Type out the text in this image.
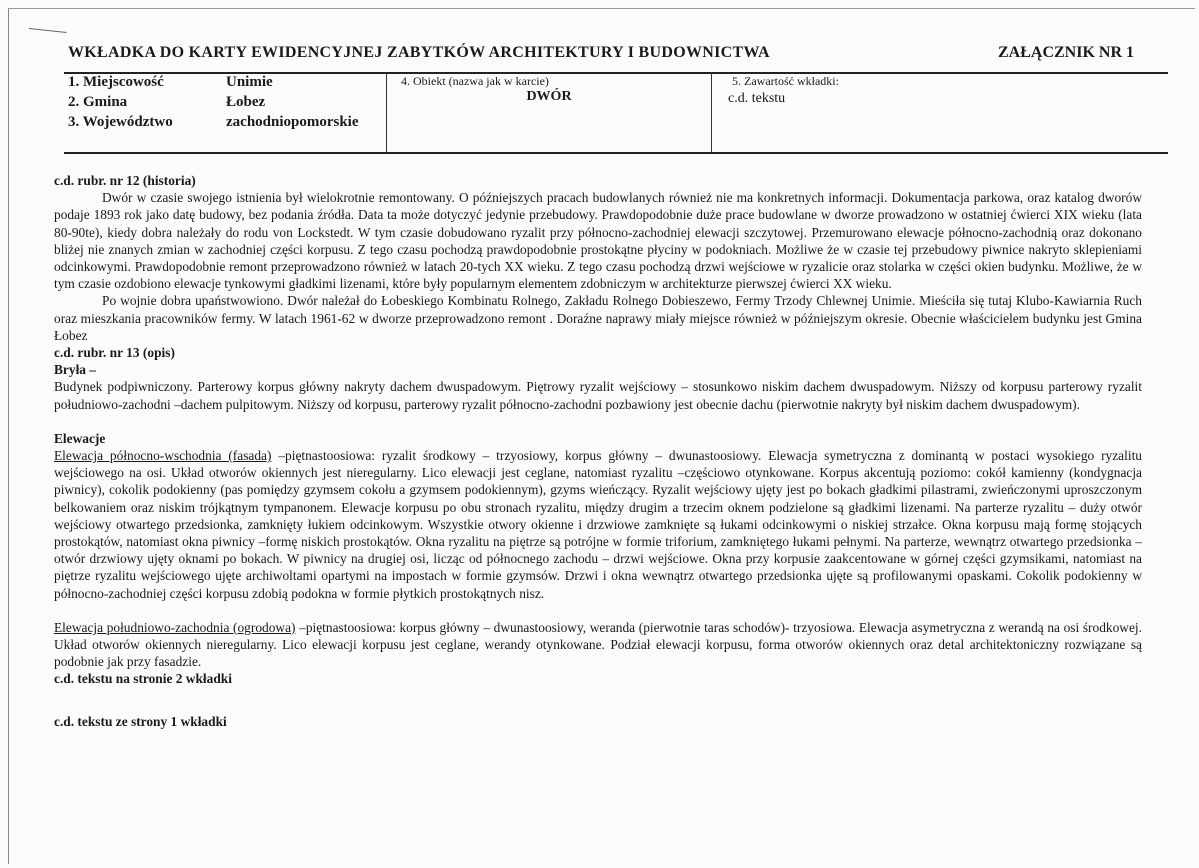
WKŁADKA DO KARTY EWIDENCYJNEJ ZABYTKÓW ARCHITEKTURY I BUDOWNICTWA	ZAŁĄCZNIK NR 1
1. Miejscowość	Unimie
2. Gmina	Łobez
3. Województwo	zachodniopomorskie
4. Obiekt (nazwa jak w karcie)
DWÓR
5. Zawartość wkładki:
c.d. tekstu

c.d. rubr. nr 12 (historia)

Dwór w czasie swojego istnienia był wielokrotnie remontowany. O późniejszych pracach budowlanych również nie ma konkretnych informacji. Dokumentacja parkowa, oraz katalog dworów podaje 1893 rok jako datę budowy, bez podania źródła. Data ta może dotyczyć jedynie przebudowy. Prawdopodobnie duże prace budowlane w dworze prowadzono w ostatniej ćwierci XIX wieku (lata 80-90te), kiedy dobra należały do rodu von Lockstedt. W tym czasie dobudowano ryzalit przy północno-zachodniej elewacji szczytowej. Przemurowano elewacje północno-zachodnią oraz dokonano bliżej nie znanych zmian w zachodniej części korpusu. Z tego czasu pochodzą prawdopodobnie prostokątne płyciny w podokniach. Możliwe że w czasie tej przebudowy piwnice nakryto sklepieniami odcinkowymi. Prawdopodobnie remont przeprowadzono również w latach 20-tych XX wieku. Z tego czasu pochodzą drzwi wejściowe w ryzalicie oraz stolarka w części okien budynku. Możliwe, że w tym czasie ozdobiono elewacje tynkowymi gładkimi lizenami, które były popularnym elementem zdobniczym w architekturze pierwszej ćwierci XX wieku.

Po wojnie dobra upaństwowiono. Dwór należał do Łobeskiego Kombinatu Rolnego, Zakładu Rolnego Dobieszewo, Fermy Trzody Chlewnej Unimie. Mieściła się tutaj Klubo-Kawiarnia Ruch oraz mieszkania pracowników fermy. W latach 1961-62 w dworze przeprowadzono remont . Doraźne naprawy miały miejsce również w późniejszym okresie. Obecnie właścicielem budynku jest Gmina Łobez

c.d. rubr. nr 13 (opis)

Bryła –

Budynek podpiwniczony. Parterowy korpus główny nakryty dachem dwuspadowym. Piętrowy ryzalit wejściowy – stosunkowo niskim dachem dwuspadowym. Niższy od korpusu parterowy ryzalit południowo-zachodni –dachem pulpitowym. Niższy od korpusu, parterowy ryzalit północno-zachodni pozbawiony jest obecnie dachu (pierwotnie nakryty był niskim dachem dwuspadowym).

Elewacje

Elewacja północno-wschodnia (fasada) –piętnastoosiowa: ryzalit środkowy – trzyosiowy, korpus główny – dwunastoosiowy. Elewacja symetryczna z dominantą w postaci wysokiego ryzalitu wejściowego na osi. Układ otworów okiennych jest nieregularny. Lico elewacji jest ceglane, natomiast ryzalitu –częściowo otynkowane. Korpus akcentują poziomo: cokół kamienny (kondygnacja piwnicy), cokolik podokienny (pas pomiędzy gzymsem cokołu a gzymsem podokiennym), gzyms wieńczący. Ryzalit wejściowy ujęty jest po bokach gładkimi pilastrami, zwieńczonymi uproszczonym belkowaniem oraz niskim trójkątnym tympanonem. Elewacje korpusu po obu stronach ryzalitu, między drugim a trzecim oknem podzielone są gładkimi lizenami. Na parterze ryzalitu – duży otwór wejściowy otwartego przedsionka, zamknięty łukiem odcinkowym. Wszystkie otwory okienne i drzwiowe zamknięte są łukami odcinkowymi o niskiej strzałce. Okna korpusu mają formę stojących prostokątów, natomiast okna piwnicy –formę niskich prostokątów. Okna ryzalitu na piętrze są potrójne w formie triforium, zamkniętego łukami pełnymi. Na parterze, wewnątrz otwartego przedsionka – otwór drzwiowy ujęty oknami po bokach. W piwnicy na drugiej osi, licząc od północnego zachodu – drzwi wejściowe. Okna przy korpusie zaakcentowane w górnej części gzymsikami, natomiast na piętrze ryzalitu wejściowego ujęte archiwoltami opartymi na impostach w formie gzymsów. Drzwi i okna wewnątrz otwartego przedsionka ujęte są profilowanymi opaskami. Cokolik podokienny w północno-zachodniej części korpusu zdobią podokna w formie płytkich prostokątnych nisz.

Elewacja południowo-zachodnia (ogrodowa) –piętnastoosiowa: korpus główny – dwunastoosiowy, weranda (pierwotnie taras schodów)- trzyosiowa. Elewacja asymetryczna z werandą na osi środkowej. Układ otworów okiennych nieregularny. Lico elewacji korpusu jest ceglane, werandy otynkowane. Podział elewacji korpusu, forma otworów okiennych oraz detal architektoniczny rozwiązane są podobnie jak przy fasadzie.

c.d. tekstu na stronie 2 wkładki

c.d. tekstu ze strony 1 wkładki
